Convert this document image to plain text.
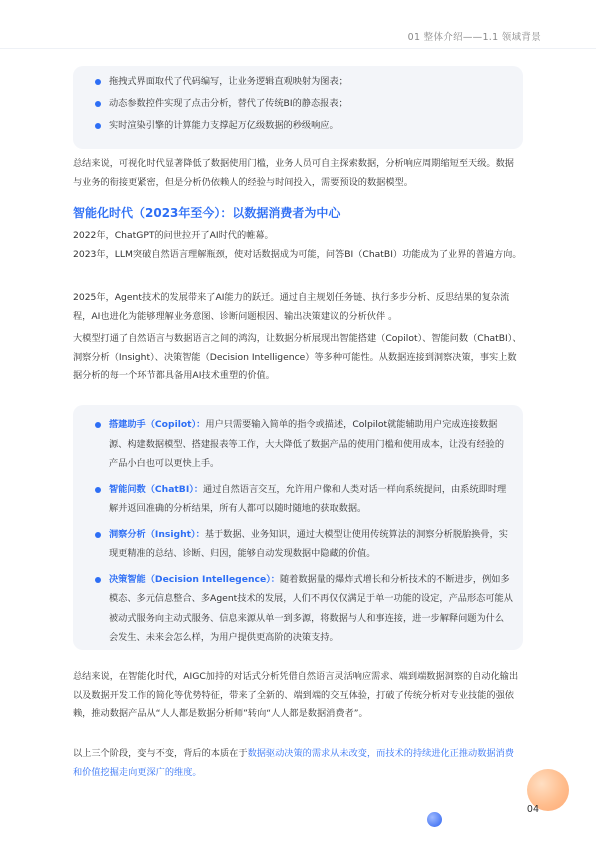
01 整体介绍——1.1 领域背景
拖拽式界面取代了代码编写，让业务逻辑直观映射为图表；
动态参数控件实现了点击分析，替代了传统BI的静态报表；
实时渲染引擎的计算能力支撑起万亿级数据的秒级响应。
总结来说，可视化时代显著降低了数据使用门槛，业务人员可自主探索数据，分析响应周期缩短至天级。数据与业务的衔接更紧密，但是分析仍依赖人的经验与时间投入，需要预设的数据模型。
智能化时代（2023年至今）：以数据消费者为中心
2022年，ChatGPT的问世拉开了AI时代的帷幕。
2023年，LLM突破自然语言理解瓶颈，使对话数据成为可能，问答BI（ChatBI）功能成为了业界的普遍方向。
2025年，Agent技术的发展带来了AI能力的跃迁。通过自主规划任务链、执行多步分析、反思结果的复杂流程，AI也进化为能够理解业务意图、诊断问题根因、输出决策建议的分析伙伴 。
大模型打通了自然语言与数据语言之间的鸿沟，让数据分析展现出智能搭建（Copilot）、智能问数（ChatBI）、洞察分析（Insight）、决策智能（Decision Intelligence）等多种可能性。从数据连接到洞察决策，事实上数据分析的每一个环节都具备用AI技术重塑的价值。
搭建助手（Copilot）：用户只需要输入简单的指令或描述，Colpilot就能辅助用户完成连接数据源、构建数据模型、搭建报表等工作，大大降低了数据产品的使用门槛和使用成本，让没有经验的产品小白也可以更快上手。
智能问数（ChatBI）：通过自然语言交互，允许用户像和人类对话一样向系统提问，由系统即时理解并返回准确的分析结果，所有人都可以随时随地的获取数据。
洞察分析（Insight）：基于数据、业务知识，通过大模型让使用传统算法的洞察分析脱胎换骨，实现更精准的总结、诊断、归因，能够自动发现数据中隐藏的价值。
决策智能（Decision Intellegence）：随着数据量的爆炸式增长和分析技术的不断进步，例如多模态、多元信息整合、多Agent技术的发展，人们不再仅仅满足于单一功能的设定，产品形态可能从被动式服务向主动式服务、信息来源从单一到多源，将数据与人和事连接，进一步解释问题为什么会发生、未来会怎么样，为用户提供更高阶的决策支持。
总结来说，在智能化时代，AIGC加持的对话式分析凭借自然语言灵活响应需求、端到端数据洞察的自动化输出以及数据开发工作的简化等优势特征，带来了全新的、端到端的交互体验，打破了传统分析对专业技能的强依赖，推动数据产品从“人人都是数据分析师”转向“人人都是数据消费者”。
以上三个阶段，变与不变，背后的本质在于数据驱动决策的需求从未改变，而技术的持续进化正推动数据消费和价值挖掘走向更深广的维度。
04
